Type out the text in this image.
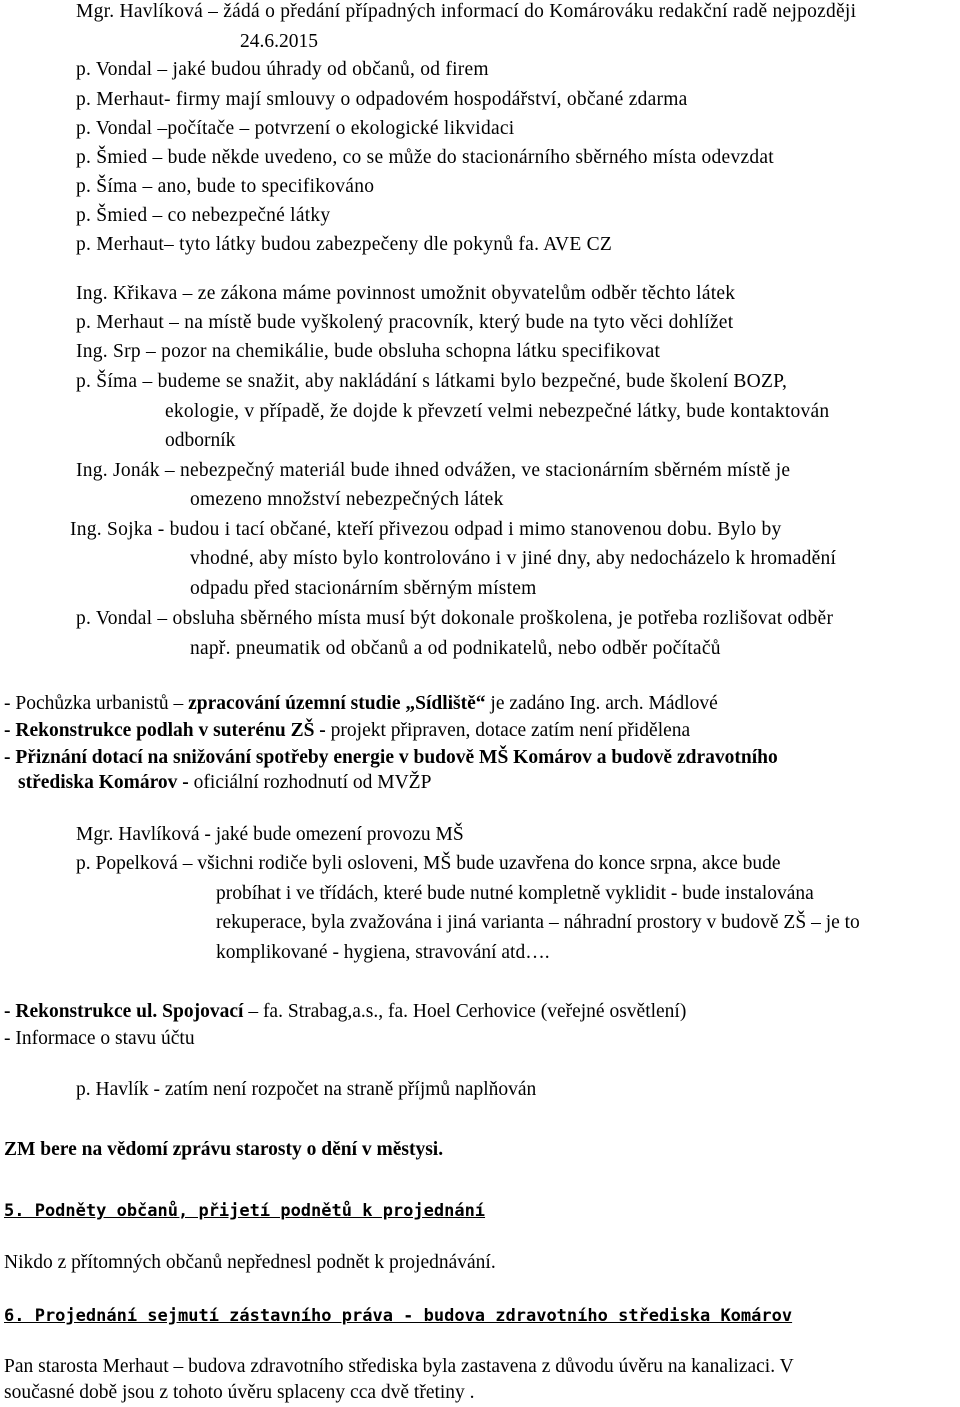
Mgr. Havlíková – žádá o předání případných informací do Komárováku redakční radě nejpozději
24.6.2015
p. Vondal – jaké budou úhrady od občanů, od firem
p. Merhaut- firmy mají smlouvy o odpadovém hospodářství, občané zdarma
p. Vondal –počítače – potvrzení o ekologické likvidaci
p. Šmied – bude někde uvedeno, co se může do stacionárního sběrného místa odevzdat
p. Šíma – ano, bude to specifikováno
p. Šmied – co nebezpečné látky
p. Merhaut– tyto látky budou zabezpečeny dle pokynů fa. AVE CZ
Ing. Křikava – ze zákona máme povinnost umožnit obyvatelům odběr těchto látek
p. Merhaut – na místě bude vyškolený pracovník, který bude na tyto věci dohlížet
Ing. Srp – pozor na chemikálie, bude obsluha schopna látku specifikovat
p. Šíma – budeme se snažit, aby nakládání s látkami bylo bezpečné, bude školení BOZP,
ekologie, v případě, že dojde k převzetí velmi nebezpečné látky, bude kontaktován
odborník
Ing. Jonák – nebezpečný materiál bude ihned odvážen, ve stacionárním sběrném místě je
omezeno množství nebezpečných látek
Ing. Sojka - budou i tací občané, kteří přivezou odpad i mimo stanovenou dobu. Bylo by
vhodné, aby místo bylo kontrolováno i v jiné dny, aby nedocházelo k hromadění
odpadu před stacionárním sběrným místem
p. Vondal – obsluha sběrného místa musí být dokonale proškolena, je potřeba rozlišovat odběr
např. pneumatik od občanů a od podnikatelů, nebo odběr počítačů
- Pochůzka urbanistů – zpracování územní studie „Sídliště“ je zadáno Ing. arch. Mádlové
- Rekonstrukce podlah v suterénu ZŠ - projekt připraven, dotace zatím není přidělena
- Přiznání dotací na snižování spotřeby energie v budově MŠ Komárov a budově zdravotního
střediska Komárov - oficiální rozhodnutí od MVŽP
Mgr. Havlíková - jaké bude omezení provozu MŠ
p. Popelková – všichni rodiče byli osloveni, MŠ bude uzavřena do konce srpna, akce bude
probíhat i ve třídách, které bude nutné kompletně vyklidit - bude instalována
rekuperace, byla zvažována i jiná varianta – náhradní prostory v budově ZŠ – je to
komplikované - hygiena, stravování atd….
- Rekonstrukce ul. Spojovací – fa. Strabag,a.s., fa. Hoel Cerhovice (veřejné osvětlení)
- Informace o stavu účtu
p. Havlík - zatím není rozpočet na straně příjmů naplňován
ZM bere na vědomí zprávu starosty o dění v městysi.
5. Podněty občanů, přijetí podnětů k projednání
Nikdo z přítomných občanů nepřednesl podnět k projednávání.
6. Projednání sejmutí zástavního práva - budova zdravotního střediska Komárov
Pan starosta Merhaut – budova zdravotního střediska byla zastavena z důvodu úvěru na kanalizaci. V
současné době jsou z tohoto úvěru splaceny cca dvě třetiny .
